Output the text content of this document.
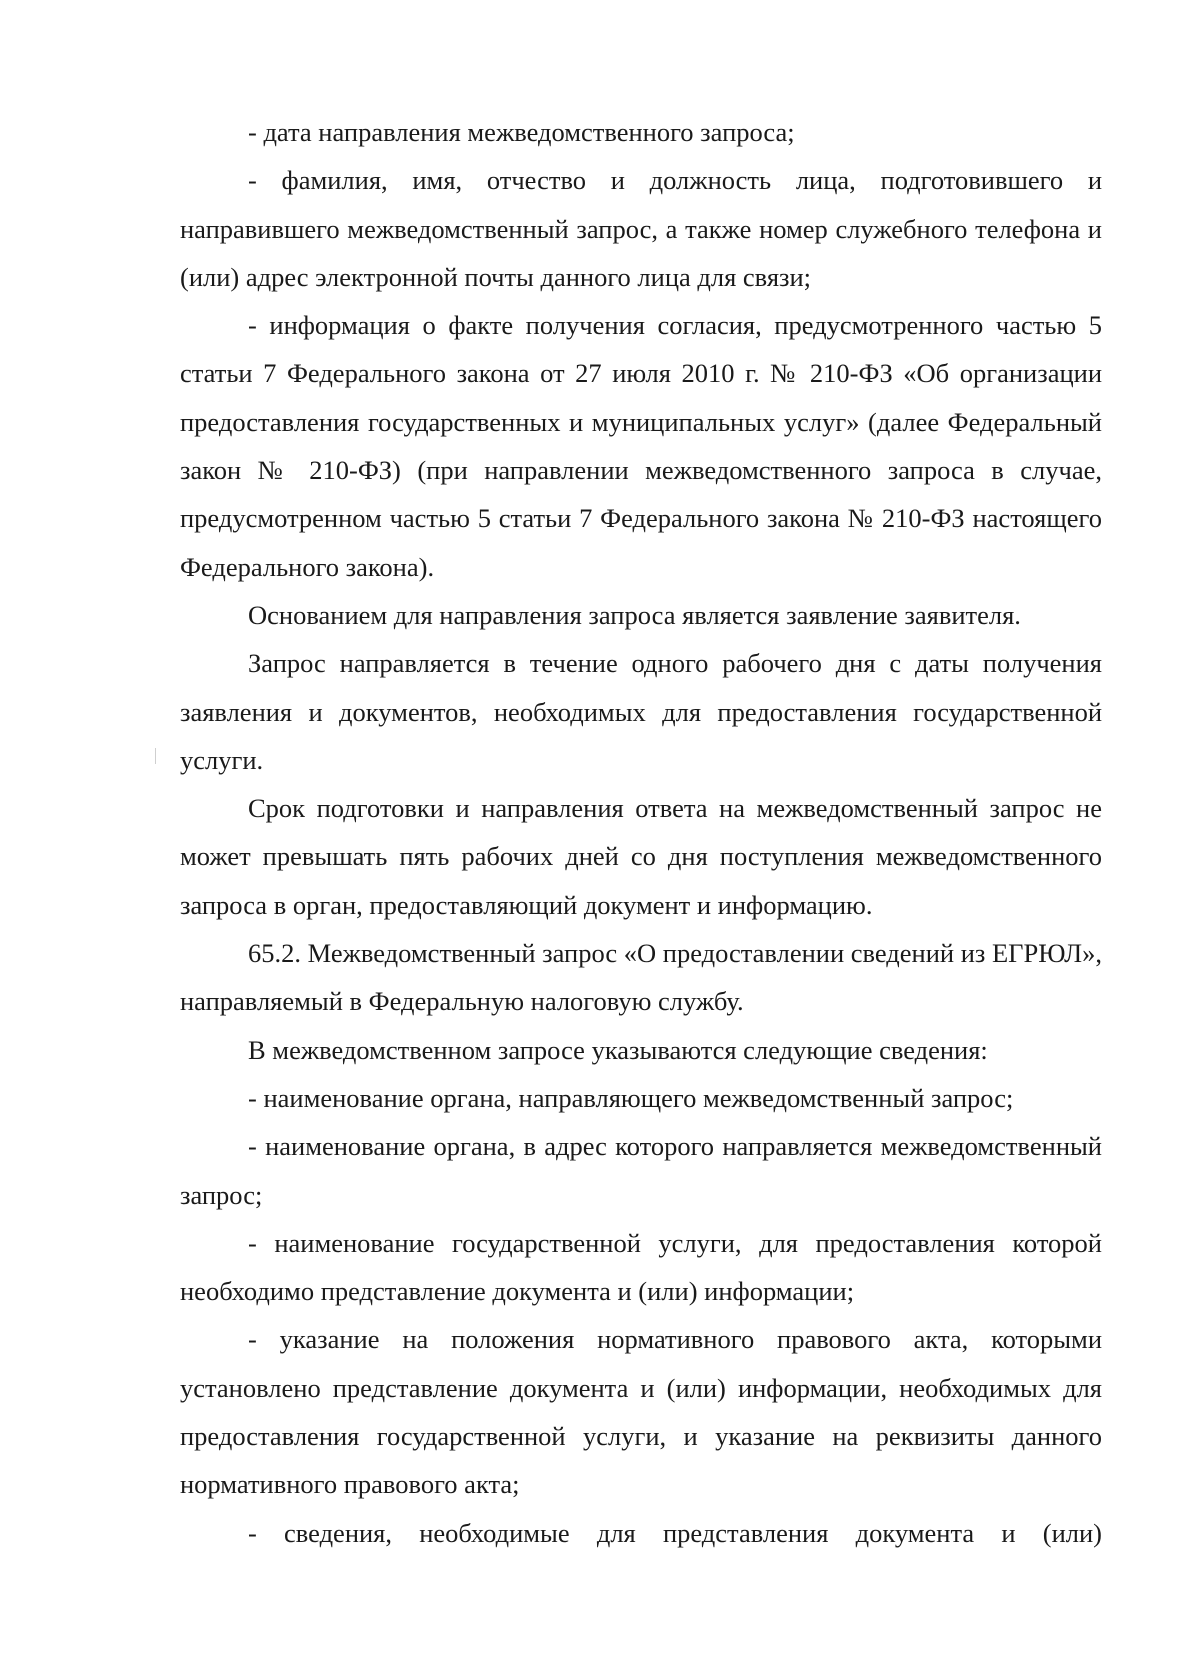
- дата направления межведомственного запроса;

- фамилия, имя, отчество и должность лица, подготовившего и направившего межведомственный запрос, а также номер служебного телефона и (или) адрес электронной почты данного лица для связи;

- информация о факте получения согласия, предусмотренного частью 5 статьи 7 Федерального закона от 27 июля 2010 г. № 210-ФЗ «Об организации предоставления государственных и муниципальных услуг» (далее Федеральный закон № 210-ФЗ) (при направлении межведомственного запроса в случае, предусмотренном частью 5 статьи 7 Федерального закона № 210-ФЗ настоящего Федерального закона).

Основанием для направления запроса является заявление заявителя.

Запрос направляется в течение одного рабочего дня с даты получения заявления и документов, необходимых для предоставления государственной услуги.

Срок подготовки и направления ответа на межведомственный запрос не может превышать пять рабочих дней со дня поступления межведомственного запроса в орган, предоставляющий документ и информацию.

65.2. Межведомственный запрос «О предоставлении сведений из ЕГРЮЛ», направляемый в Федеральную налоговую службу.

В межведомственном запросе указываются следующие сведения:

- наименование органа, направляющего межведомственный запрос;

- наименование органа, в адрес которого направляется межведомственный запрос;

- наименование государственной услуги, для предоставления которой необходимо представление документа и (или) информации;

- указание на положения нормативного правового акта, которыми установлено представление документа и (или) информации, необходимых для предоставления государственной услуги, и указание на реквизиты данного нормативного правового акта;

- сведения, необходимые для представления документа и (или)
